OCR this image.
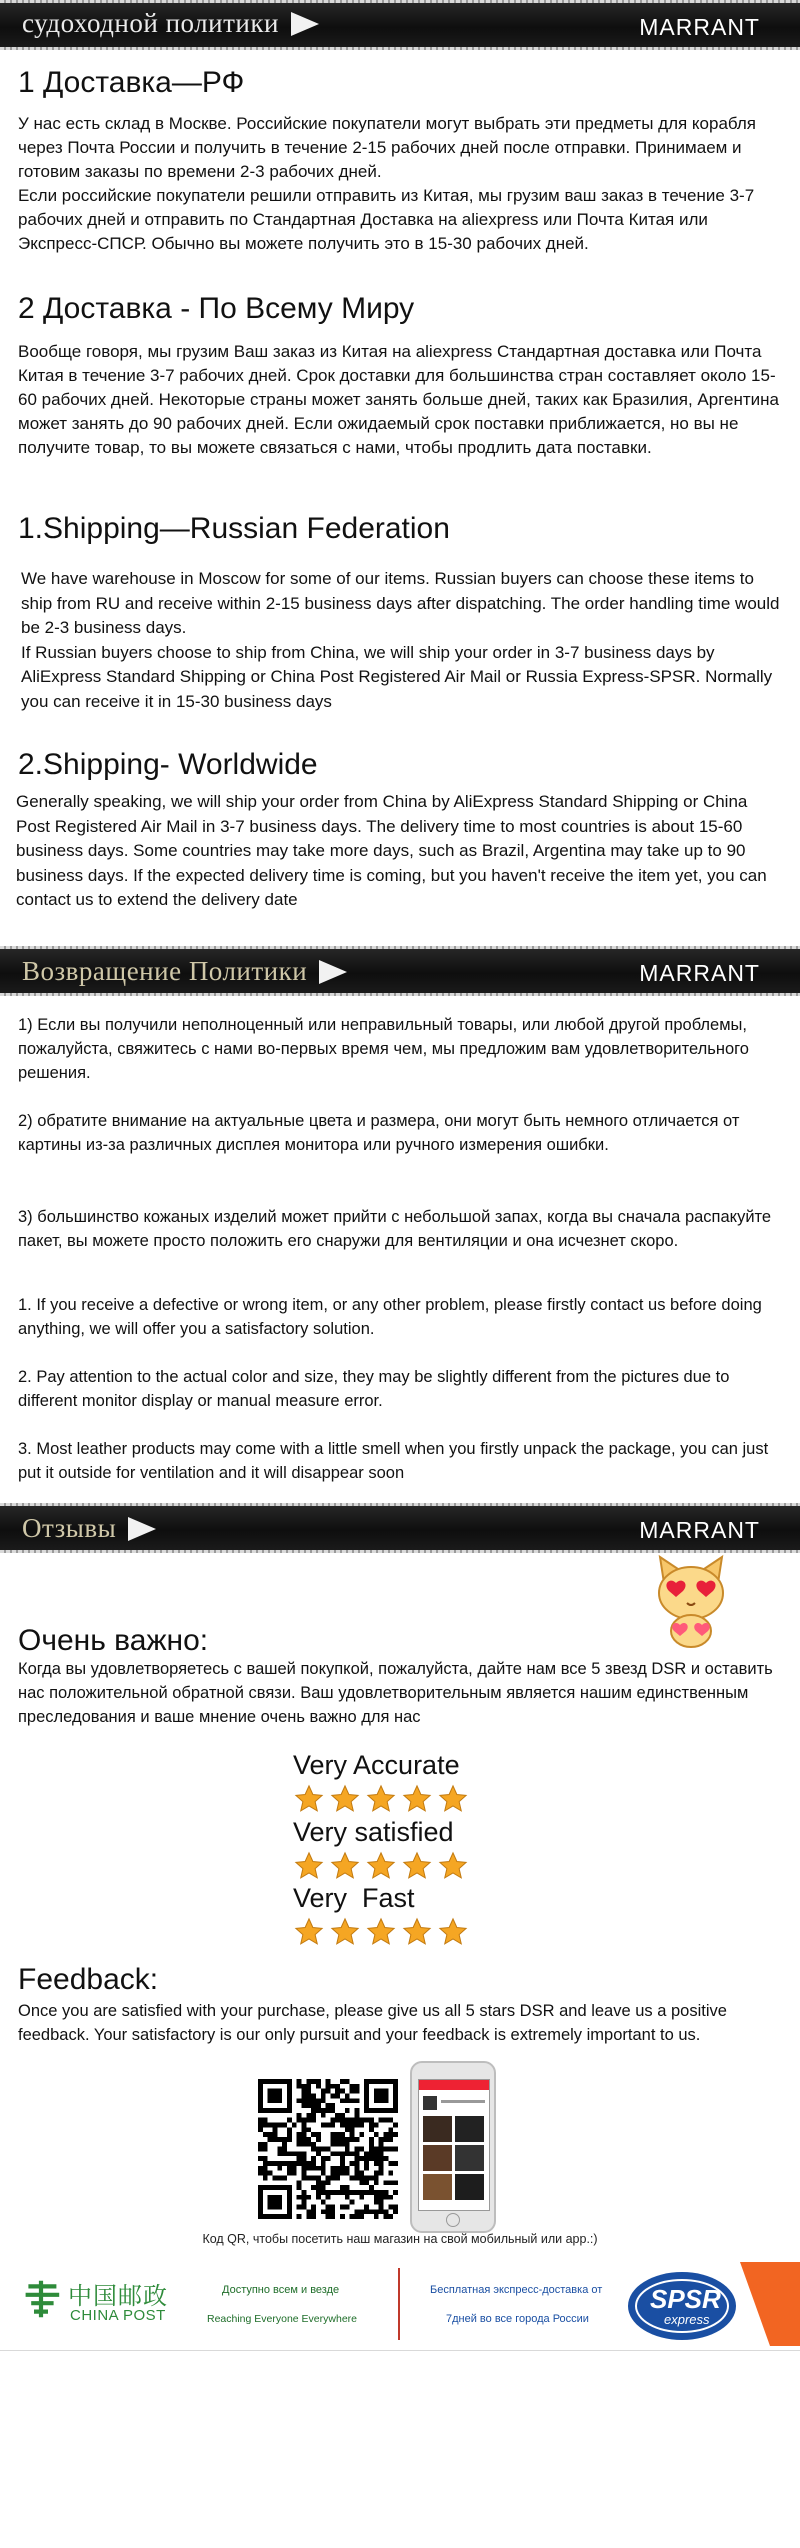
судоходной политики	MARRANT
1 Доставка—РФ

У нас есть склад в Москве. Российские покупатели могут выбрать эти предметы для корабля через Почта России и получить в течение 2-15 рабочих дней после отправки. Принимаем и готовим заказы по времени 2-3 рабочих дней.
Если российские покупатели решили отправить из Китая, мы грузим ваш заказ в течение 3-7 рабочих дней и отправить по Стандартная Доставка на aliexpress или Почта Китая или Экспресс-СПСР. Обычно вы можете получить это в 15-30 рабочих дней.

2 Доставка - По Всему Миру

Вообще говоря, мы грузим Ваш заказ из Китая на aliexpress Стандартная доставка или Почта Китая в течение 3-7 рабочих дней. Срок доставки для большинства стран составляет около 15-60 рабочих дней. Некоторые страны может занять больше дней, таких как Бразилия, Аргентина может занять до 90 рабочих дней. Если ожидаемый срок поставки приближается, но вы не получите товар, то вы можете связаться с нами, чтобы продлить дата поставки.

1.Shipping—Russian Federation

We have warehouse in Moscow for some of our items. Russian buyers can choose these items to ship from RU and receive within 2-15 business days after dispatching. The order handling time would be 2-3 business days.
If Russian buyers choose to ship from China, we will ship your order in 3-7 business days by AliExpress Standard Shipping or China Post Registered Air Mail or Russia Express-SPSR. Normally you can receive it in 15-30 business days

2.Shipping- Worldwide

Generally speaking, we will ship your order from China by AliExpress Standard Shipping or China Post Registered Air Mail in 3-7 business days. The delivery time to most countries is about 15-60 business days. Some countries may take more days, such as Brazil, Argentina may take up to 90 business days. If the expected delivery time is coming, but you haven't receive the item yet, you can contact us to extend the delivery date

Возвращение Политики	MARRANT

1) Если вы получили неполноценный или неправильный товары, или любой другой проблемы, пожалуйста, свяжитесь с нами во-первых время чем, мы предложим вам удовлетворительного решения.

2) обратите внимание на актуальные цвета и размера, они могут быть немного отличается от картины из-за различных дисплея монитора или ручного измерения ошибки.

3) большинство кожаных изделий может прийти с небольшой запах, когда вы сначала распакуйте пакет, вы можете просто положить его снаружи для вентиляции и она исчезнет скоро.

1. If you receive a defective or wrong item, or any other problem, please firstly contact us before doing anything, we will offer you a satisfactory solution.

2. Pay attention to the actual color and size, they may be slightly different from the pictures due to different monitor display or manual measure error.

3. Most leather products may come with a little smell when you firstly unpack the package, you can just put it outside for ventilation and it will disappear soon

Отзывы	MARRANT
Очень важно:

Когда вы удовлетворяетесь с вашей покупкой, пожалуйста, дайте нам все 5 звезд DSR и оставить нас положительной обратной связи. Ваш удовлетворительным является нашим единственным преследования и ваше мнение очень важно для нас

Very Accurate
Very satisfied
Very  Fast
Feedback:

Once you are satisfied with your purchase, please give us all 5 stars DSR and leave us a positive feedback. Your satisfactory is our only pursuit and your feedback is extremely important to us.

Код QR, чтобы посетить наш магазин на свой мобильный или app.:)
中国邮政
CHINA POST
Доступно всем и везде
Reaching Everyone Everywhere
Бесплатная экспресс-доставка от
7дней во все города России
SPSR
express
